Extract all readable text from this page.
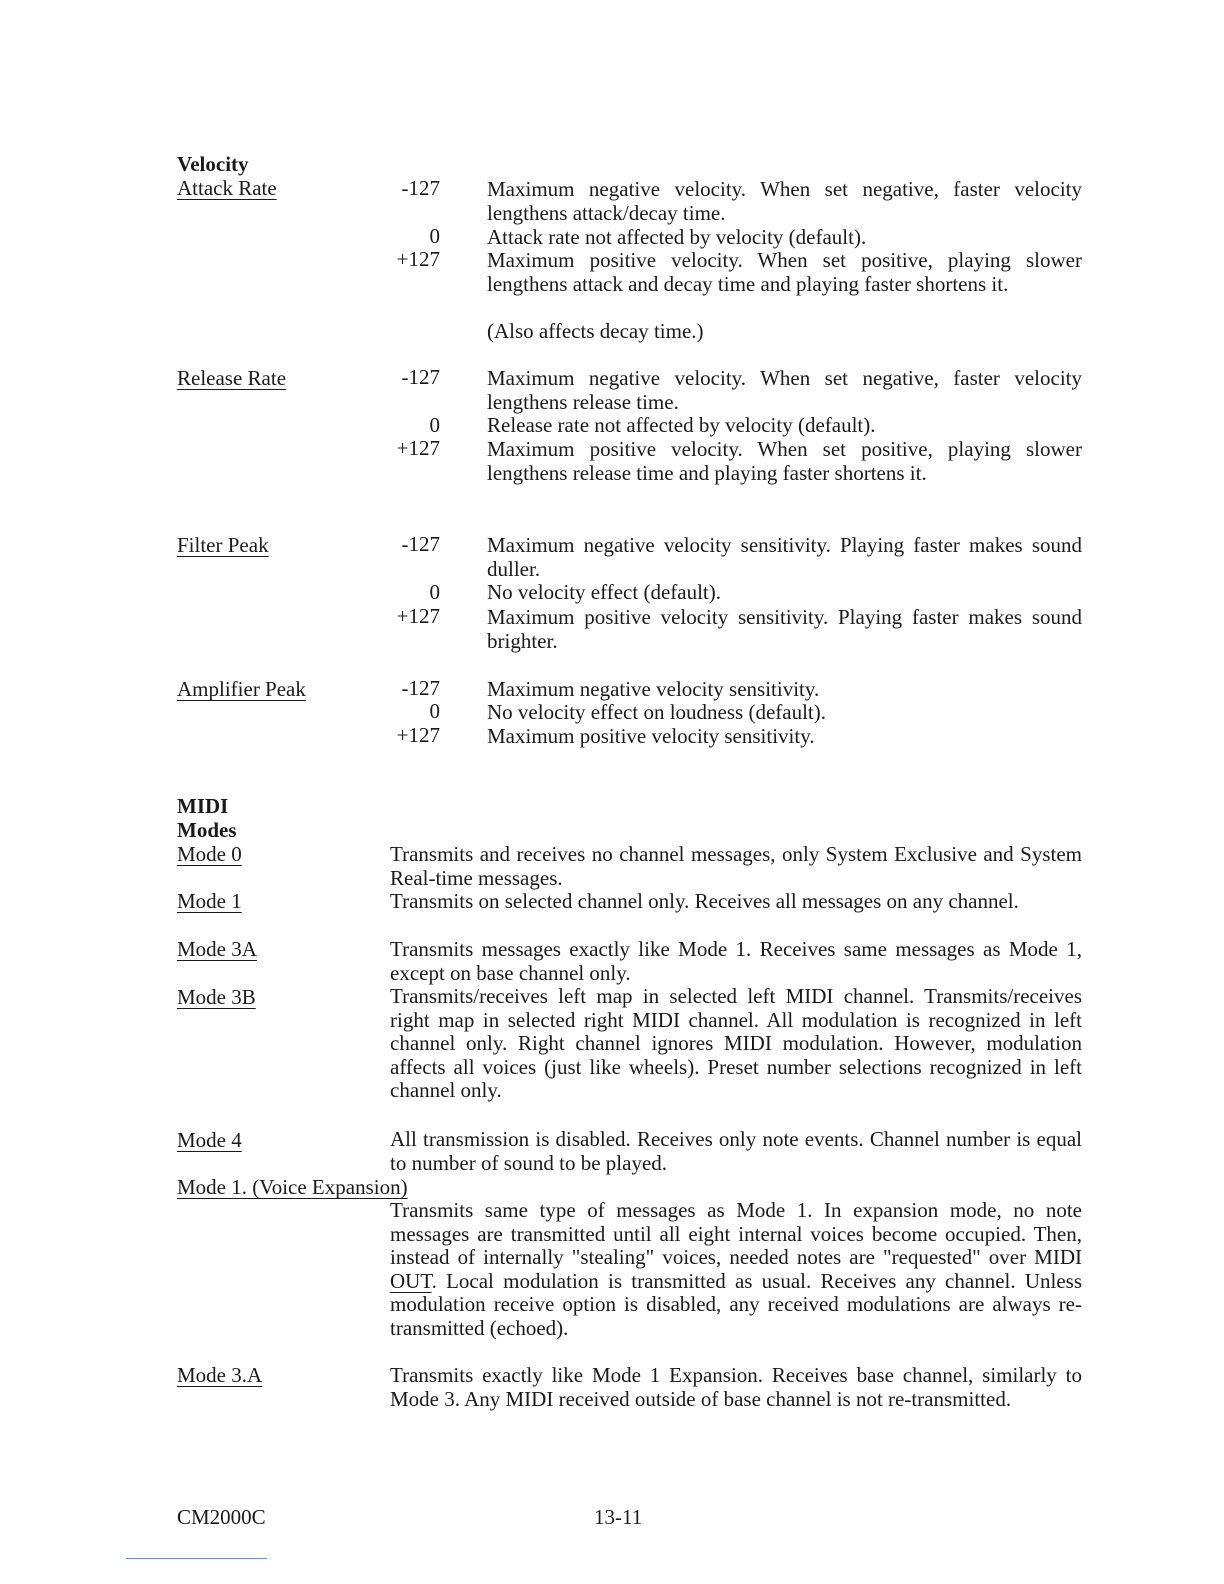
Velocity
Attack Rate	-127 Maximum negative velocity. When set negative, faster velocity lengthens attack/decay time.
0 Attack rate not affected by velocity (default).
+127 Maximum positive velocity. When set positive, playing slower lengthens attack and decay time and playing faster shortens it.
(Also affects decay time.)
Release Rate	-127 Maximum negative velocity. When set negative, faster velocity lengthens release time.
0 Release rate not affected by velocity (default).
+127 Maximum positive velocity. When set positive, playing slower lengthens release time and playing faster shortens it.
Filter Peak	-127 Maximum negative velocity sensitivity. Playing faster makes sound duller.
0 No velocity effect (default).
+127 Maximum positive velocity sensitivity. Playing faster makes sound brighter.
Amplifier Peak	-127 Maximum negative velocity sensitivity.
0 No velocity effect on loudness (default).
+127 Maximum positive velocity sensitivity.
MIDI
Modes
Mode 0	Transmits and receives no channel messages, only System Exclusive and System Real-time messages.
Mode 1	Transmits on selected channel only. Receives all messages on any channel.
Mode 3A	Transmits messages exactly like Mode 1. Receives same messages as Mode 1, except on base channel only.
Mode 3B	Transmits/receives left map in selected left MIDI channel. Transmits/receives right map in selected right MIDI channel. All modulation is recognized in left channel only. Right channel ignores MIDI modulation. However, modulation affects all voices (just like wheels). Preset number selections recognized in left channel only.
Mode 4	All transmission is disabled. Receives only note events. Channel number is equal to number of sound to be played.
Mode 1. (Voice Expansion)
Transmits same type of messages as Mode 1. In expansion mode, no note messages are transmitted until all eight internal voices become occupied. Then, instead of internally "stealing" voices, needed notes are "requested" over MIDI OUT. Local modulation is transmitted as usual. Receives any channel. Unless modulation receive option is disabled, any received modulations are always re-transmitted (echoed).
Mode 3.A	Transmits exactly like Mode 1 Expansion. Receives base channel, similarly to Mode 3. Any MIDI received outside of base channel is not re-transmitted.
CM2000C	13-11
